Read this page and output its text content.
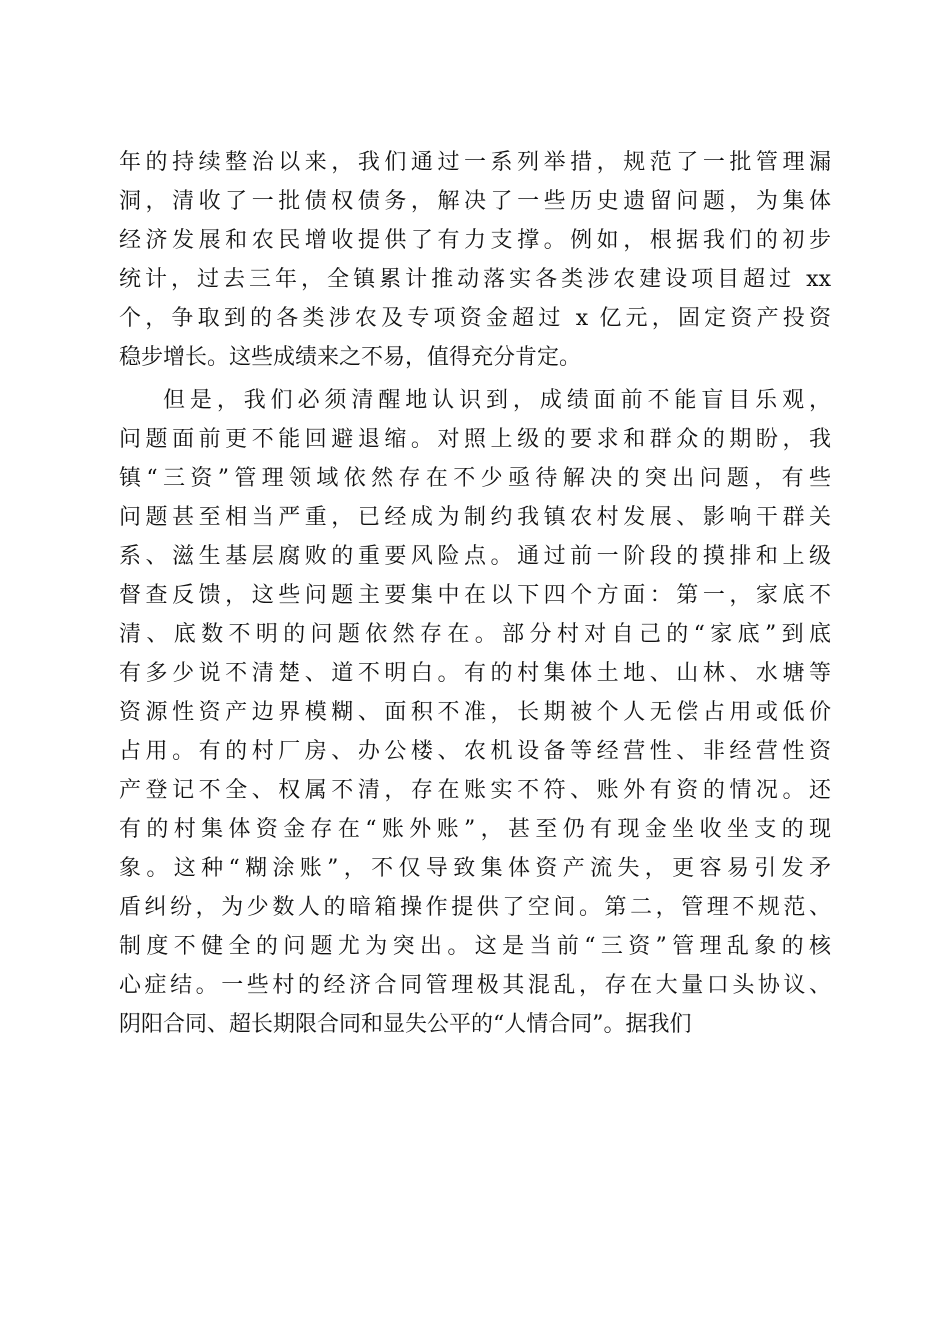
年的持续整治以来，我们通过一系列举措，规范了一批管理漏
洞，清收了一批债权债务，解决了一些历史遗留问题，为集体
经济发展和农民增收提供了有力支撑。例如，根据我们的初步
统计，过去三年，全镇累计推动落实各类涉农建设项目超过 xx
个，争取到的各类涉农及专项资金超过 x 亿元，固定资产投资
稳步增长。这些成绩来之不易，值得充分肯定。
但是，我们必须清醒地认识到，成绩面前不能盲目乐观，
问题面前更不能回避退缩。对照上级的要求和群众的期盼，我
镇“三资”管理领域依然存在不少亟待解决的突出问题，有些
问题甚至相当严重，已经成为制约我镇农村发展、影响干群关
系、滋生基层腐败的重要风险点。通过前一阶段的摸排和上级
督查反馈，这些问题主要集中在以下四个方面：第一，家底不
清、底数不明的问题依然存在。部分村对自己的“家底”到底
有多少说不清楚、道不明白。有的村集体土地、山林、水塘等
资源性资产边界模糊、面积不准，长期被个人无偿占用或低价
占用。有的村厂房、办公楼、农机设备等经营性、非经营性资
产登记不全、权属不清，存在账实不符、账外有资的情况。还
有的村集体资金存在“账外账”，甚至仍有现金坐收坐支的现
象。这种“糊涂账”，不仅导致集体资产流失，更容易引发矛
盾纠纷，为少数人的暗箱操作提供了空间。第二，管理不规范、
制度不健全的问题尤为突出。这是当前“三资”管理乱象的核
心症结。一些村的经济合同管理极其混乱，存在大量口头协议、
阴阳合同、超长期限合同和显失公平的“人情合同”。据我们
